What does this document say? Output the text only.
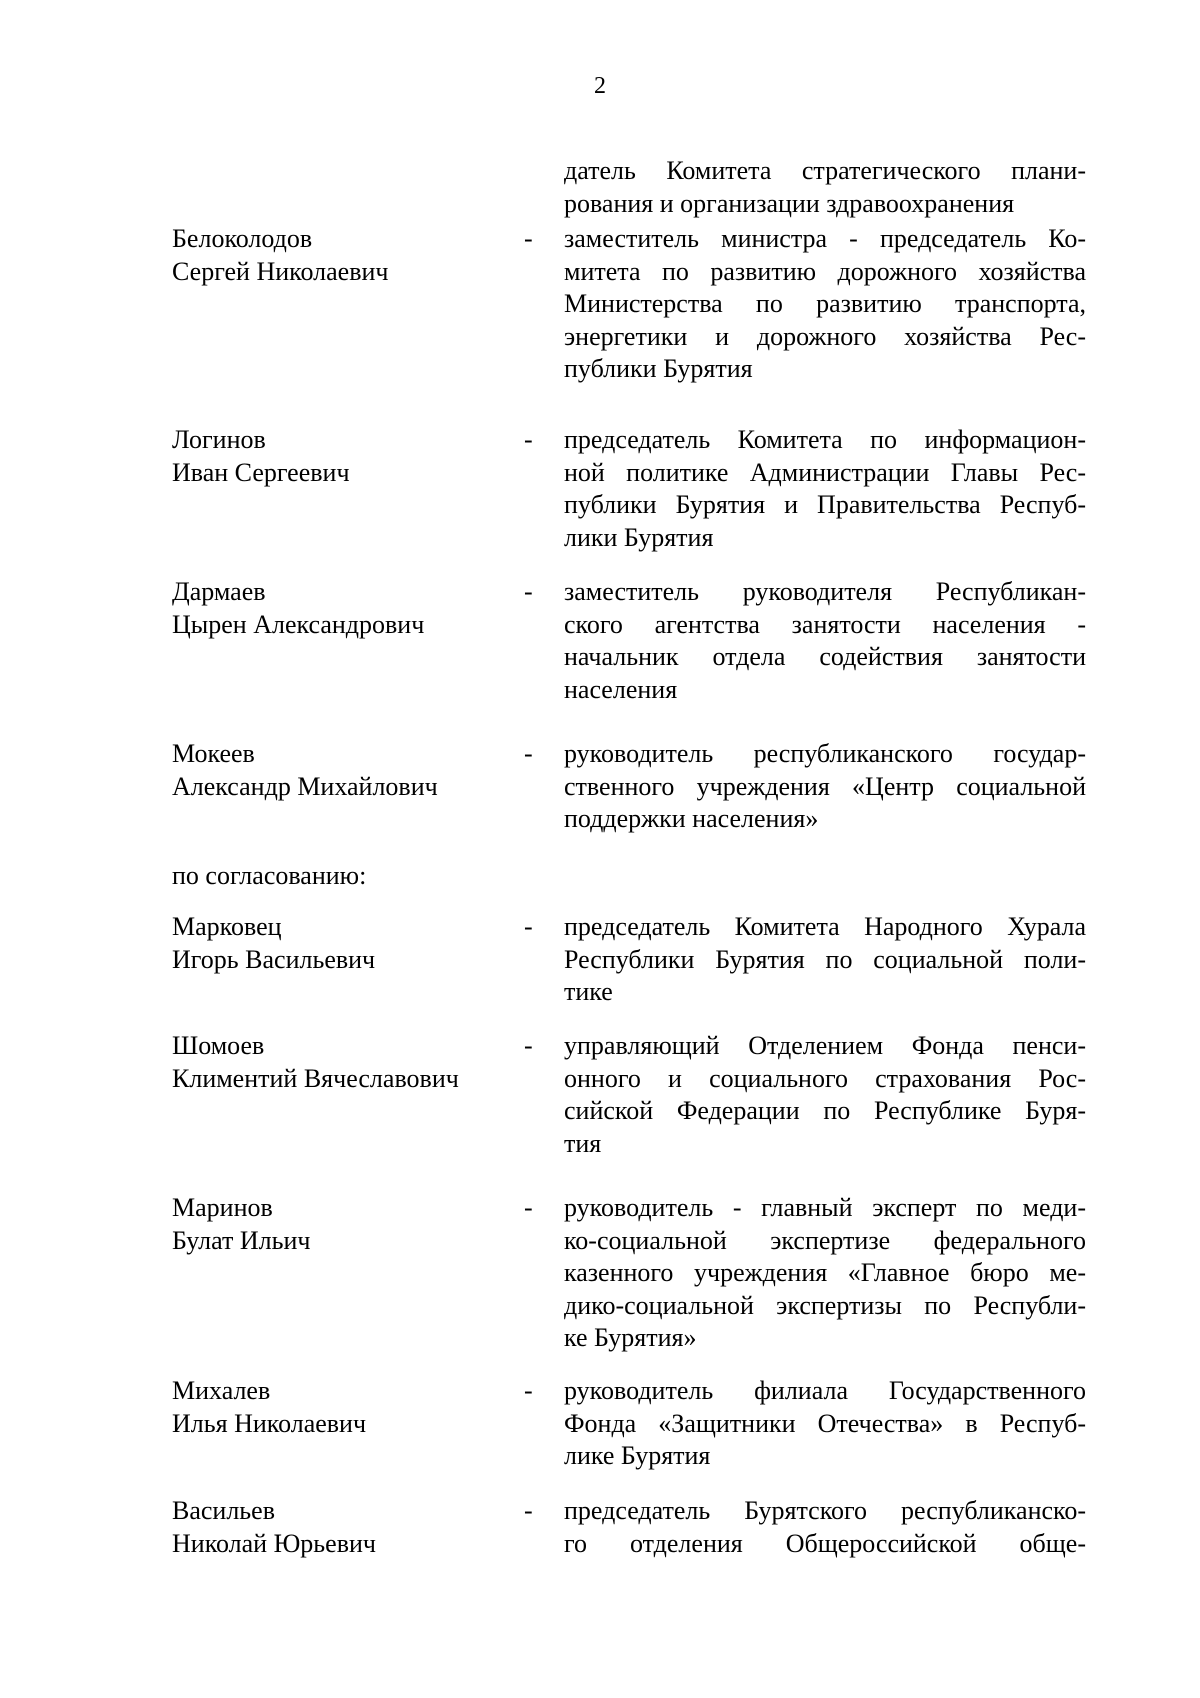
2
датель Комитета стратегического плани-
рования и организации здравоохранения
Белоколодов
Сергей Николаевич
- заместитель министра - председатель Ко-
митета по развитию дорожного хозяйства
Министерства по развитию транспорта,
энергетики и дорожного хозяйства Рес-
публики Бурятия
Логинов
Иван Сергеевич
- председатель Комитета по информацион-
ной политике Администрации Главы Рес-
публики Бурятия и Правительства Респуб-
лики Бурятия
Дармаев
Цырен Александрович
- заместитель руководителя Республикан-
ского агентства занятости населения -
начальник отдела содействия занятости
населения
Мокеев
Александр Михайлович
- руководитель республиканского государ-
ственного учреждения «Центр социальной
поддержки населения»
по согласованию:
Марковец
Игорь Васильевич
- председатель Комитета Народного Хурала
Республики Бурятия по социальной поли-
тике
Шомоев
Климентий Вячеславович
- управляющий Отделением Фонда пенси-
онного и социального страхования Рос-
сийской Федерации по Республике Буря-
тия
Маринов
Булат Ильич
- руководитель - главный эксперт по меди-
ко-социальной экспертизе федерального
казенного учреждения «Главное бюро ме-
дико-социальной экспертизы по Республи-
ке Бурятия»
Михалев
Илья Николаевич
- руководитель филиала Государственного
Фонда «Защитники Отечества» в Респуб-
лике Бурятия
Васильев
Николай Юрьевич
- председатель Бурятского республиканско-
го отделения Общероссийской обще-
